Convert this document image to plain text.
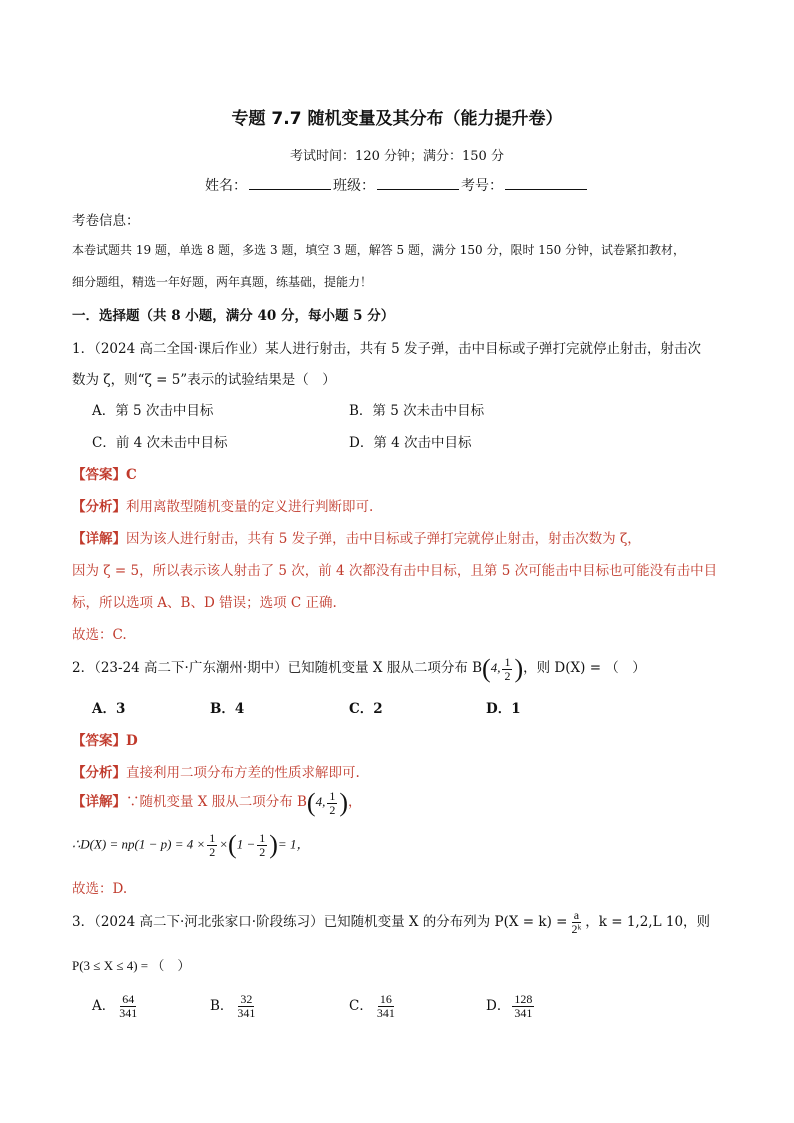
专题 7.7 随机变量及其分布（能力提升卷）
考试时间：120 分钟；满分：150 分
姓名：	班级：	考号：
考卷信息：
本卷试题共 19 题，单选 8 题，多选 3 题，填空 3 题，解答 5 题，满分 150 分，限时 150 分钟，试卷紧扣教材，
细分题组，精选一年好题，两年真题，练基础，提能力！
一．选择题（共 8 小题，满分 40 分，每小题 5 分）
1．（2024 高二全国·课后作业）某人进行射击，共有 5 发子弹，击中目标或子弹打完就停止射击，射击次
数为 ζ，则“ζ = 5”表示的试验结果是（　）
A．第 5 次击中目标	B．第 5 次未击中目标
C．前 4 次未击中目标	D．第 4 次击中目标
【答案】C
【分析】利用离散型随机变量的定义进行判断即可.
【详解】因为该人进行射击，共有 5 发子弹，击中目标或子弹打完就停止射击，射击次数为 ζ，
因为 ζ = 5，所以表示该人射击了 5 次，前 4 次都没有击中目标，且第 5 次可能击中目标也可能没有击中目
标，所以选项 A、B、D 错误；选项 C 正确.
故选：C.
2．（23-24 高二下·广东潮州·期中）已知随机变量 X 服从二项分布 B(4, $\frac{1}{2}$ )，则 D(X) = （　）
A．3	B．4	C．2	D．1
【答案】D
【分析】直接利用二项分布方差的性质求解即可.
【详解】∵随机变量 X 服从二项分布 B(4, $\frac{1}{2}$ )，
∴D(X) = $np(1 - p) = 4 \times \frac{1}{2} \times(1 - \frac{1}{2}$ )= 1，
故选：D.
3．（2024 高二下·河北张家口·阶段练习）已知随机变量 X 的分布列为 $P(X = k) = \frac{a}{\text{2ᵏ}}$ ，k = 1,2,L 10，则
P(3 ≤ X ≤ 4) = （　）
A． $\frac{64}{341}$	B． $\frac{32}{341}$	C． $\frac{16}{341}$	D． $\frac{128}{341}$
